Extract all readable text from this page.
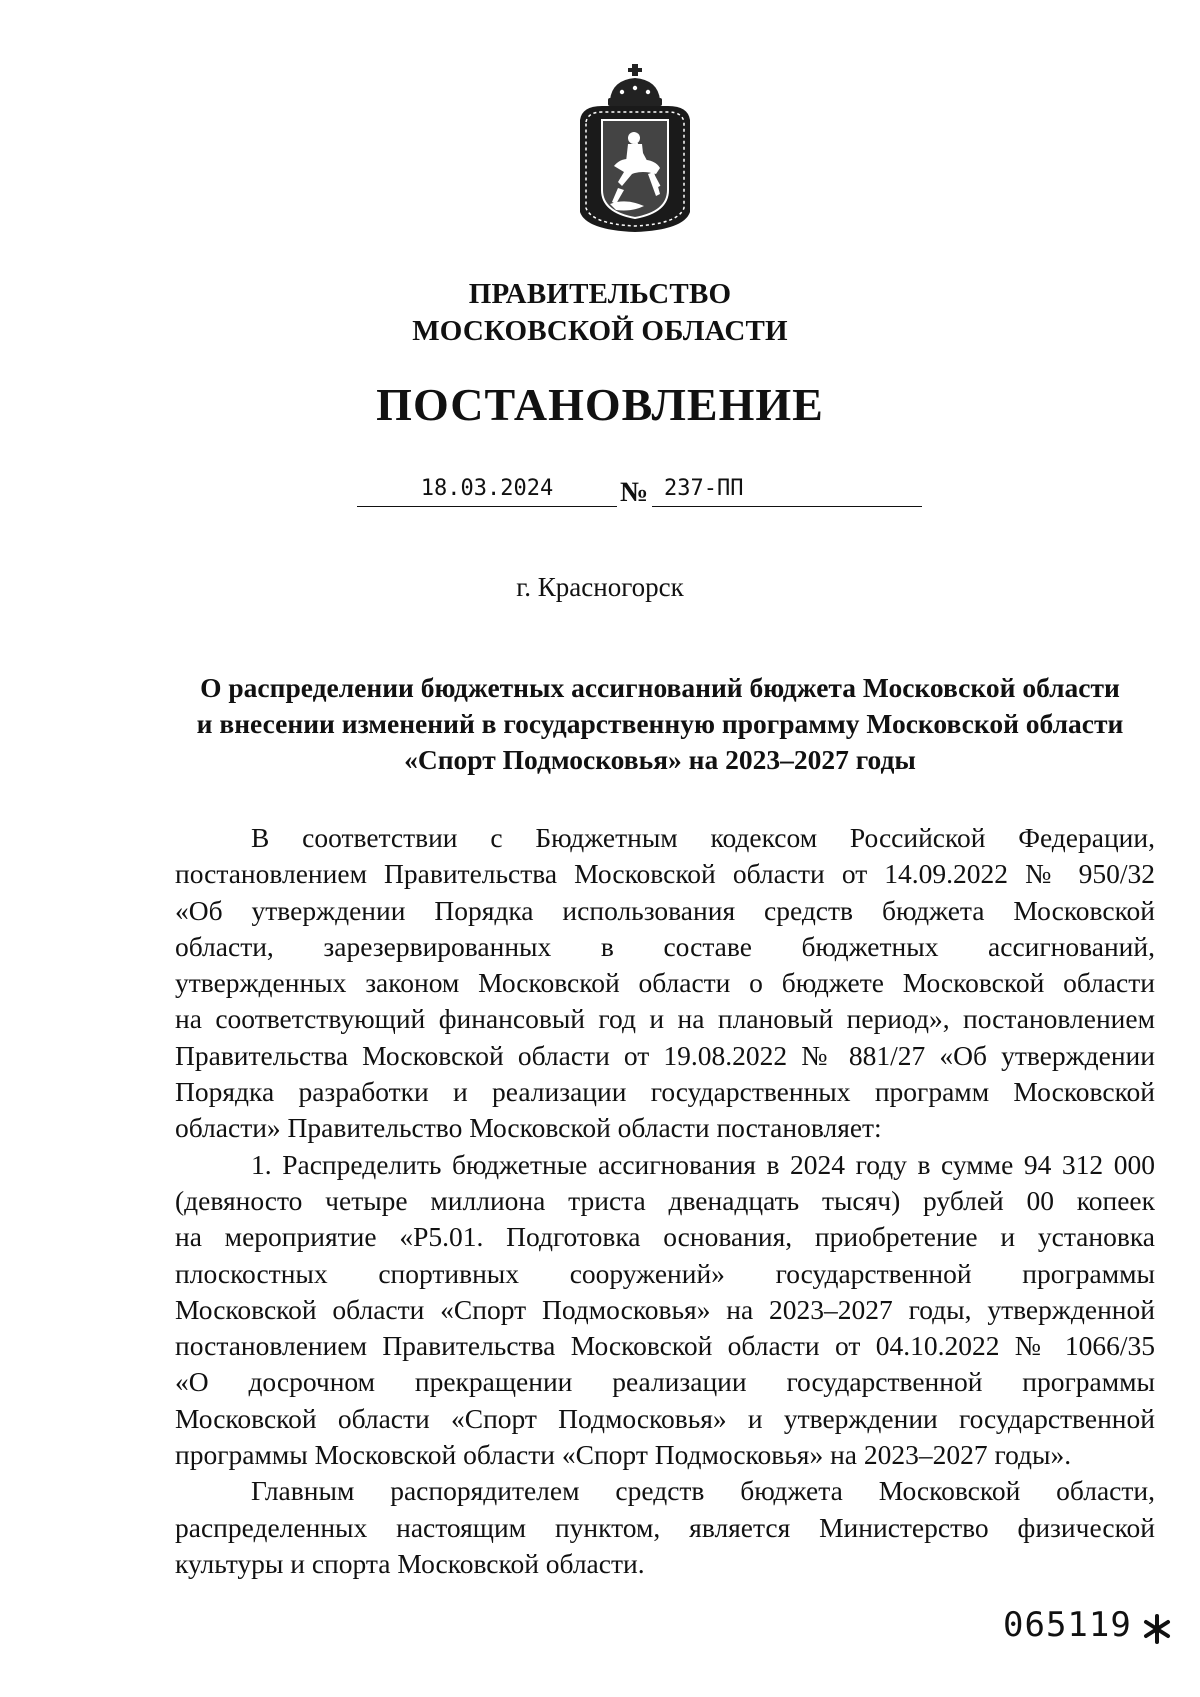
ПРАВИТЕЛЬСТВО
МОСКОВСКОЙ ОБЛАСТИ
ПОСТАНОВЛЕНИЕ
18.03.2024	№ 237-ПП
г. Красногорск
О распределении бюджетных ассигнований бюджета Московской области
и внесении изменений в государственную программу Московской области
«Спорт Подмосковья» на 2023–2027 годы
В соответствии с Бюджетным кодексом Российской Федерации,
постановлением Правительства Московской области от 14.09.2022 № 950/32
«Об утверждении Порядка использования средств бюджета Московской
области, зарезервированных в составе бюджетных ассигнований,
утвержденных законом Московской области о бюджете Московской области
на соответствующий финансовый год и на плановый период», постановлением
Правительства Московской области от 19.08.2022 № 881/27 «Об утверждении
Порядка разработки и реализации государственных программ Московской
области» Правительство Московской области постановляет:
1. Распределить бюджетные ассигнования в 2024 году в сумме 94 312 000
(девяносто четыре миллиона триста двенадцать тысяч) рублей 00 копеек
на мероприятие «Р5.01. Подготовка основания, приобретение и установка
плоскостных спортивных сооружений» государственной программы
Московской области «Спорт Подмосковья» на 2023–2027 годы, утвержденной
постановлением Правительства Московской области от 04.10.2022 № 1066/35
«О досрочном прекращении реализации государственной программы
Московской области «Спорт Подмосковья» и утверждении государственной
программы Московской области «Спорт Подмосковья» на 2023–2027 годы».
Главным распорядителем средств бюджета Московской области,
распределенных настоящим пунктом, является Министерство физической
культуры и спорта Московской области.
065119
